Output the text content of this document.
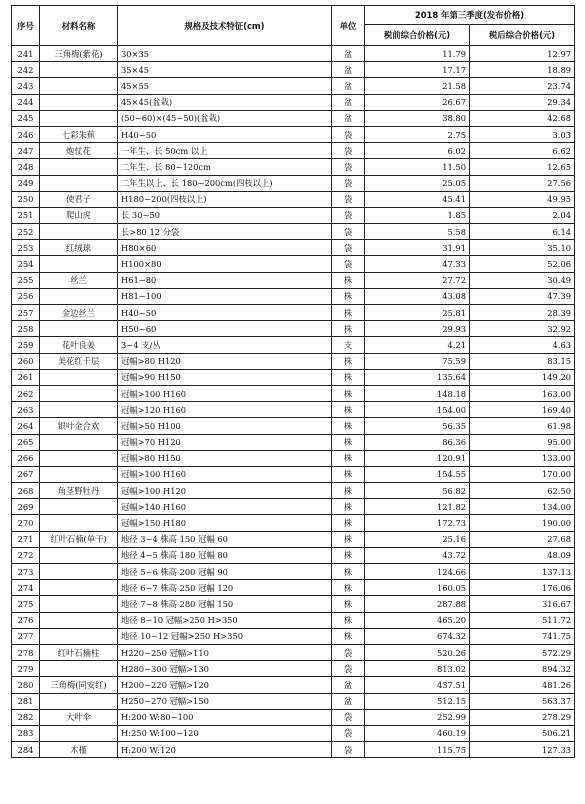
序号	材料名称	规格及技术特征(cm)	单位	2018 年第三季度(发布价格)	
				税前综合价格(元)	税后综合价格(元)
241	三角梅(紫花)	30×35	盆	11.79	12.97
242		35×45	盆	17.17	18.89
243		45×55	盆	21.58	23.74
244		45×45(盆栽)	盆	26.67	29.34
245		(50~60)×(45~50)(盆栽)	盆	38.80	42.68
246	七彩朱蕉	H40~50	袋	2.75	3.03
247	炮仗花	一年生、长 50cm 以上	袋	6.02	6.62
248		二年生、长 80~120cm	袋	11.50	12.65
249		二年生以上、长 180~200cm(四枝以上)	袋	25.05	27.56
250	使君子	H180~200(四枝以上)	袋	45.41	49.95
251	爬山虎	长 30~50	袋	1.85	2.04
252		长>80 12 分袋	袋	5.58	6.14
253	红绒球	H80×60	袋	31.91	35.10
254		H100×80	袋	47.33	52.06
255	丝兰	H61~80	株	27.72	30.49
256		H81~100	株	43.08	47.39
257	金边丝兰	H40~50	株	25.81	28.39
258		H50~60	株	29.93	32.92
259	花叶良姜	3~4 支/丛	支	4.21	4.63
260	美花红千层	冠幅>80 H120	株	75.59	83.15
261		冠幅>90 H150	株	135.64	149.20
262		冠幅>100 H160	株	148.18	163.00
263		冠幅>120 H160	株	154.00	169.40
264	银叶金合欢	冠幅>50 H100	株	56.35	61.98
265		冠幅>70 H120	株	86.36	95.00
266		冠幅>80 H150	株	120.91	133.00
267		冠幅>100 H160	株	154.55	170.00
268	角茎野牡丹	冠幅>100 H120	株	56.82	62.50
269		冠幅>140 H160	株	121.82	134.00
270		冠幅>150 H180	株	172.73	190.00
271	红叶石楠(单干)	地径 3~4 株高 150 冠幅 60	株	25.16	27.68
272		地径 4~5 株高 180 冠幅 80	株	43.72	48.09
273		地径 5~6 株高 200 冠幅 90	株	124.66	137.13
274		地径 6~7 株高 250 冠幅 120	株	160.05	176.06
275		地径 7~8 株高 280 冠幅 150	株	287.88	316.67
276		地径 8~10 冠幅>250 H>350	株	465.20	511.72
277		地径 10~12 冠幅>250 H>350	株	674.32	741.75
278	红叶石楠柱	H220~250 冠幅>110	袋	520.26	572.29
279		H280~300 冠幅>130	袋	813.02	894.32
280	三角梅(同安红)	H200~220 冠幅>120	盆	437.51	481.26
281		H250~270 冠幅>150	盆	512.15	563.37
282	大叶伞	H:200 W:80~100	袋	252.99	278.29
283		H:250 W:100~120	袋	460.19	506.21
284	木槿	H:200 W:120	袋	115.75	127.33
